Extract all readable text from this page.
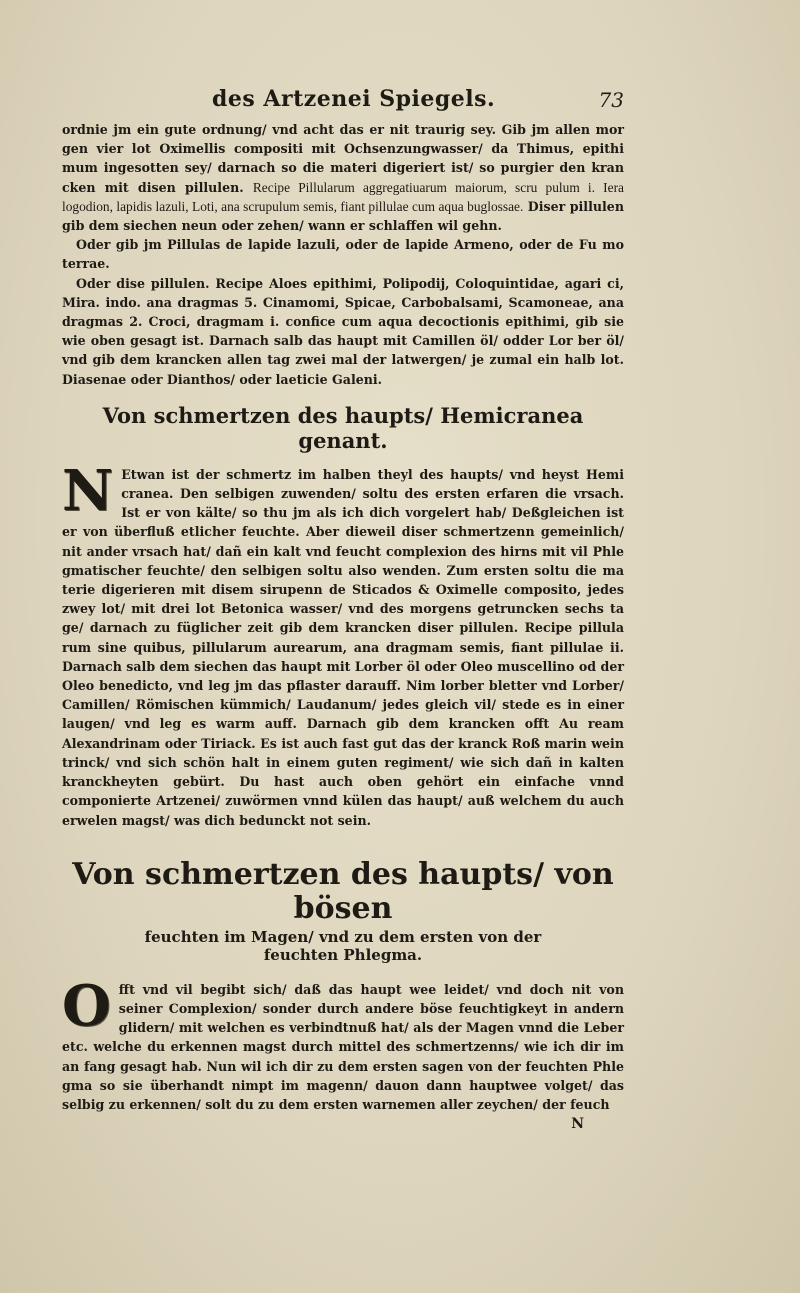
des Artzenei Spiegels.	73

ordnie jm ein gute ordnung/ vnd acht das er nit traurig sey. Gib jm allen mor gen vier lot Oximellis compositi mit Ochsenzungwasser/ da Thimus, epithi mum ingesotten sey/ darnach so die materi digeriert ist/ so purgier den kran cken mit disen pillulen. Recipe Pillularum aggregatiuarum maiorum, scru pulum i. Iera logodion, lapidis lazuli, Loti, ana scrupulum semis, fiant pillulae cum aqua buglossae. Diser pillulen gib dem siechen neun oder zehen/ wann er schlaffen wil gehn.

Oder gib jm Pillulas de lapide lazuli, oder de lapide Armeno, oder de Fu mo terrae.

Oder dise pillulen. Recipe Aloes epithimi, Polipodij, Coloquintidae, agari ci, Mira. indo. ana dragmas 5. Cinamomi, Spicae, Carbobalsami, Scamoneae, ana dragmas 2. Croci, dragmam i. confice cum aqua decoctionis epithimi, gib sie wie oben gesagt ist. Darnach salb das haupt mit Camillen öl/ odder Lor ber öl/ vnd gib dem krancken allen tag zwei mal der latwergen/ je zumal ein halb lot. Diasenae oder Dianthos/ oder laeticie Galeni.

Von schmertzen des haupts/ Hemicranea genant.

N Etwan ist der schmertz im halben theyl des haupts/ vnd heyst Hemi cranea. Den selbigen zuwenden/ soltu des ersten erfaren die vrsach. Ist er von kälte/ so thu jm als ich dich vorgelert hab/ Deßgleichen ist er von überfluß etlicher feuchte. Aber dieweil diser schmertzenn gemeinlich/ nit ander vrsach hat/ dañ ein kalt vnd feucht complexion des hirns mit vil Phle gmatischer feuchte/ den selbigen soltu also wenden. Zum ersten soltu die ma terie digerieren mit disem sirupenn de Sticados & Oximelle composito, jedes zwey lot/ mit drei lot Betonica wasser/ vnd des morgens getruncken sechs ta ge/ darnach zu füglicher zeit gib dem krancken diser pillulen. Recipe pillula rum sine quibus, pillularum aurearum, ana dragmam semis, fiant pillulae ii. Darnach salb dem siechen das haupt mit Lorber öl oder Oleo muscellino od der Oleo benedicto, vnd leg jm das pflaster darauff. Nim lorber bletter vnd Lorber/ Camillen/ Römischen kümmich/ Laudanum/ jedes gleich vil/ stede es in einer laugen/ vnd leg es warm auff. Darnach gib dem krancken offt Au ream Alexandrinam oder Tiriack. Es ist auch fast gut das der kranck Roß marin wein trinck/ vnd sich schön halt in einem guten regiment/ wie sich dañ in kalten kranckheyten gebürt. Du hast auch oben gehört ein einfache vnnd componierte Artzenei/ zuwörmen vnnd külen das haupt/ auß welchem du auch erwelen magst/ was dich bedunckt not sein.

Von schmertzen des haupts/ von bösen
feuchten im Magen/ vnd zu dem ersten von der
feuchten Phlegma.

O fft vnd vil begibt sich/ daß das haupt wee leidet/ vnd doch nit von seiner Complexion/ sonder durch andere böse feuchtigkeyt in andern glidern/ mit welchen es verbindtnuß hat/ als der Magen vnnd die Leber etc. welche du erkennen magst durch mittel des schmertzenns/ wie ich dir im an fang gesagt hab. Nun wil ich dir zu dem ersten sagen von der feuchten Phle gma so sie überhandt nimpt im magenn/ dauon dann hauptwee volget/ das selbig zu erkennen/ solt du zu dem ersten warnemen aller zeychen/ der feuch

N
